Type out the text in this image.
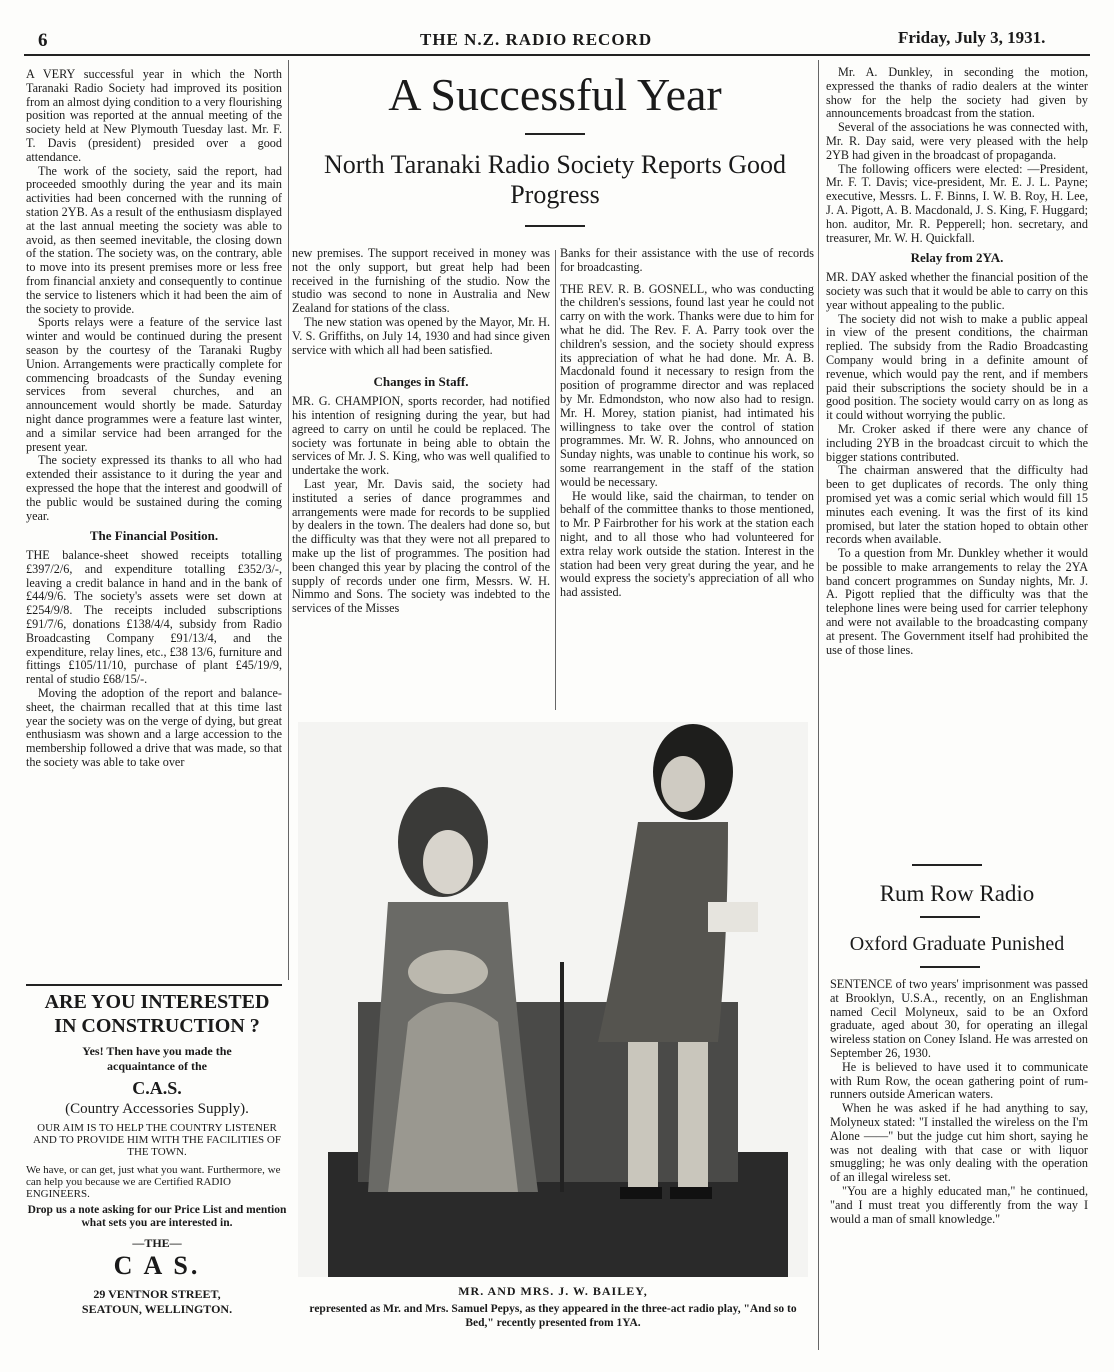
6	THE N.Z. RADIO RECORD	Friday, July 3, 1931.
A Successful Year
North Taranaki Radio Society Reports Good Progress

A VERY successful year in which the North Taranaki Radio Society had improved its position from an almost dying condition to a very flourishing position was reported at the annual meeting of the society held at New Plymouth Tuesday last. Mr. F. T. Davis (president) presided over a good attendance.

The work of the society, said the report, had proceeded smoothly during the year and its main activities had been concerned with the running of station 2YB. As a result of the enthusiasm displayed at the last annual meeting the society was able to avoid, as then seemed inevitable, the closing down of the station. The society was, on the contrary, able to move into its present premises more or less free from financial anxiety and consequently to continue the service to listeners which it had been the aim of the society to provide.

Sports relays were a feature of the service last winter and would be continued during the present season by the courtesy of the Taranaki Rugby Union. Arrangements were practically complete for commencing broadcasts of the Sunday evening services from several churches, and an announcement would shortly be made. Saturday night dance programmes were a feature last winter, and a similar service had been arranged for the present year.

The society expressed its thanks to all who had extended their assistance to it during the year and expressed the hope that the interest and goodwill of the public would be sustained during the coming year.

The Financial Position.

THE balance-sheet showed receipts totalling £397/2/6, and expenditure totalling £352/3/-, leaving a credit balance in hand and in the bank of £44/9/6. The society's assets were set down at £254/9/8. The receipts included subscriptions £91/7/6, donations £138/4/4, subsidy from Radio Broadcasting Company £91/13/4, and the expenditure, relay lines, etc., £38 13/6, furniture and fittings £105/11/10, purchase of plant £45/19/9, rental of studio £68/15/-.

Moving the adoption of the report and balance-sheet, the chairman recalled that at this time last year the society was on the verge of dying, but great enthusiasm was shown and a large accession to the membership followed a drive that was made, so that the society was able to take over

ARE YOU INTERESTED
IN CONSTRUCTION ?
Yes! Then have you made the
acquaintance of the
C.A.S.
(Country Accessories Supply).
OUR AIM IS TO HELP THE COUNTRY LISTENER AND TO PROVIDE HIM WITH THE FACILITIES OF THE TOWN.
We have, or can get, just what you want. Furthermore, we can help you because we are Certified RADIO ENGINEERS.
Drop us a note asking for our Price List and mention what sets you are interested in.
—THE—
C A S.
29 VENTNOR STREET,
SEATOUN, WELLINGTON.

new premises. The support received in money was not the only support, but great help had been received in the furnishing of the studio. Now the studio was second to none in Australia and New Zealand for stations of the class.

The new station was opened by the Mayor, Mr. H. V. S. Griffiths, on July 14, 1930 and had since given service with which all had been satisfied.

Changes in Staff.

MR. G. CHAMPION, sports recorder, had notified his intention of resigning during the year, but had agreed to carry on until he could be replaced. The society was fortunate in being able to obtain the services of Mr. J. S. King, who was well qualified to undertake the work.

Last year, Mr. Davis said, the society had instituted a series of dance programmes and arrangements were made for records to be supplied by dealers in the town. The dealers had done so, but the difficulty was that they were not all prepared to make up the list of programmes. The position had been changed this year by placing the control of the supply of records under one firm, Messrs. W. H. Nimmo and Sons. The society was indebted to the services of the Misses

Banks for their assistance with the use of records for broadcasting.

THE REV. R. B. GOSNELL, who was conducting the children's sessions, found last year he could not carry on with the work. Thanks were due to him for what he did. The Rev. F. A. Parry took over the children's session, and the society should express its appreciation of what he had done. Mr. A. B. Macdonald found it necessary to resign from the position of programme director and was replaced by Mr. Edmondston, who now also had to resign. Mr. H. Morey, station pianist, had intimated his willingness to take over the control of station programmes. Mr. W. R. Johns, who announced on Sunday nights, was unable to continue his work, so some rearrangement in the staff of the station would be necessary.

He would like, said the chairman, to tender on behalf of the committee thanks to those mentioned, to Mr. P Fairbrother for his work at the station each night, and to all those who had volunteered for extra relay work outside the station. Interest in the station had been very great during the year, and he would express the society's appreciation of all who had assisted.

MR. AND MRS. J. W. BAILEY,
represented as Mr. and Mrs. Samuel Pepys, as they appeared in the three-act radio play, "And so to Bed," recently presented from 1YA.

Mr. A. Dunkley, in seconding the motion, expressed the thanks of radio dealers at the winter show for the help the society had given by announcements broadcast from the station.

Several of the associations he was connected with, Mr. R. Day said, were very pleased with the help 2YB had given in the broadcast of propaganda.

The following officers were elected: —President, Mr. F. T. Davis; vice-president, Mr. E. J. L. Payne; executive, Messrs. L. F. Binns, I. W. B. Roy, H. Lee, J. A. Pigott, A. B. Macdonald, J. S. King, F. Huggard; hon. auditor, Mr. R. Pepperell; hon. secretary, and treasurer, Mr. W. H. Quickfall.

Relay from 2YA.

MR. DAY asked whether the financial position of the society was such that it would be able to carry on this year without appealing to the public.

The society did not wish to make a public appeal in view of the present conditions, the chairman replied. The subsidy from the Radio Broadcasting Company would bring in a definite amount of revenue, which would pay the rent, and if members paid their subscriptions the society should be in a good position. The society would carry on as long as it could without worrying the public.

Mr. Croker asked if there were any chance of including 2YB in the broadcast circuit to which the bigger stations contributed.

The chairman answered that the difficulty had been to get duplicates of records. The only thing promised yet was a comic serial which would fill 15 minutes each evening. It was the first of its kind promised, but later the station hoped to obtain other records when available.

To a question from Mr. Dunkley whether it would be possible to make arrangements to relay the 2YA band concert programmes on Sunday nights, Mr. J. A. Pigott replied that the difficulty was that the telephone lines were being used for carrier telephony and were not available to the broadcasting company at present. The Government itself had prohibited the use of those lines.

Rum Row Radio
Oxford Graduate Punished

SENTENCE of two years' imprisonment was passed at Brooklyn, U.S.A., recently, on an Englishman named Cecil Molyneux, said to be an Oxford graduate, aged about 30, for operating an illegal wireless station on Coney Island. He was arrested on September 26, 1930.

He is believed to have used it to communicate with Rum Row, the ocean gathering point of rum-runners outside American waters.

When he was asked if he had anything to say, Molyneux stated: "I installed the wireless on the I'm Alone ——" but the judge cut him short, saying he was not dealing with that case or with liquor smuggling; he was only dealing with the operation of an illegal wireless set.

"You are a highly educated man," he continued, "and I must treat you differently from the way I would a man of small knowledge."
